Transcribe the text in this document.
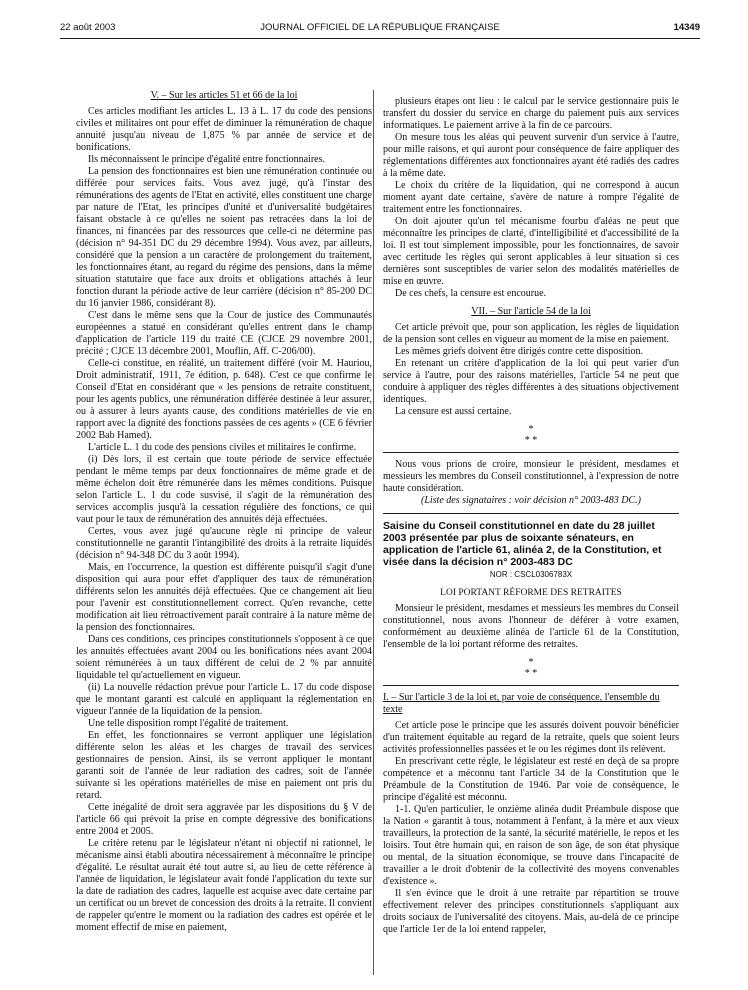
22 août 2003	JOURNAL OFFICIEL DE LA RÉPUBLIQUE FRANÇAISE	14349

V. – Sur les articles 51 et 66 de la loi

Ces articles modifiant les articles L. 13 à L. 17 du code des pensions civiles et militaires ont pour effet de diminuer la rémunération de chaque annuité jusqu'au niveau de 1,875 % par année de service et de bonifications.

Ils méconnaissent le principe d'égalité entre fonctionnaires.

La pension des fonctionnaires est bien une rémunération continuée ou différée pour services faits. Vous avez jugé, qu'à l'instar des rémunérations des agents de l'Etat en activité, elles constituent une charge par nature de l'Etat, les principes d'unité et d'universalité budgétaires faisant obstacle à ce qu'elles ne soient pas retracées dans la loi de finances, ni financées par des ressources que celle-ci ne détermine pas (décision n° 94-351 DC du 29 décembre 1994). Vous avez, par ailleurs, considéré que la pension a un caractère de prolongement du traitement, les fonctionnaires étant, au regard du régime des pensions, dans la même situation statutaire que face aux droits et obligations attachés à leur fonction durant la période active de leur carrière (décision n° 85-200 DC du 16 janvier 1986, considérant 8).

C'est dans le même sens que la Cour de justice des Communautés européennes a statué en considérant qu'elles entrent dans le champ d'application de l'article 119 du traité CE (CJCE 29 novembre 2001, précité ; CJCE 13 décembre 2001, Mouflin, Aff. C-206/00).

Celle-ci constitue, en réalité, un traitement différé (voir M. Hauriou, Droit administratif, 1911, 7e édition, p. 648). C'est ce que confirme le Conseil d'Etat en considérant que « les pensions de retraite constituent, pour les agents publics, une rémunération différée destinée à leur assurer, ou à assurer à leurs ayants cause, des conditions matérielles de vie en rapport avec la dignité des fonctions passées de ces agents » (CE 6 février 2002 Bab Hamed).

L'article L. 1 du code des pensions civiles et militaires le confirme.

(i) Dès lors, il est certain que toute période de service effectuée pendant le même temps par deux fonctionnaires de même grade et de même échelon doit être rémunérée dans les mêmes conditions. Puisque selon l'article L. 1 du code susvisé, il s'agit de la rémunération des services accomplis jusqu'à la cessation régulière des fonctions, ce qui vaut pour le taux de rémunération des annuités déjà effectuées.

Certes, vous avez jugé qu'aucune règle ni principe de valeur constitutionnelle ne garantit l'intangibilité des droits à la retraite liquidés (décision n° 94-348 DC du 3 août 1994).

Mais, en l'occurrence, la question est différente puisqu'il s'agit d'une disposition qui aura pour effet d'appliquer des taux de rémunération différents selon les annuités déjà effectuées. Que ce changement ait lieu pour l'avenir est constitutionnellement correct. Qu'en revanche, cette modification ait lieu rétroactivement paraît contraire à la nature même de la pension des fonctionnaires.

Dans ces conditions, ces principes constitutionnels s'opposent à ce que les annuités effectuées avant 2004 ou les bonifications nées avant 2004 soient rémunérées à un taux différent de celui de 2 % par annuité liquidable tel qu'actuellement en vigueur.

(ii) La nouvelle rédaction prévue pour l'article L. 17 du code dispose que le montant garanti est calculé en appliquant la réglementation en vigueur l'année de la liquidation de la pension.

Une telle disposition rompt l'égalité de traitement.

En effet, les fonctionnaires se verront appliquer une législation différente selon les aléas et les charges de travail des services gestionnaires de pension. Ainsi, ils se verront appliquer le montant garanti soit de l'année de leur radiation des cadres, soit de l'année suivante si les opérations matérielles de mise en paiement ont pris du retard.

Cette inégalité de droit sera aggravée par les dispositions du § V de l'article 66 qui prévoit la prise en compte dégressive des bonifications entre 2004 et 2005.

Le critère retenu par le législateur n'étant ni objectif ni rationnel, le mécanisme ainsi établi aboutira nécessairement à méconnaître le principe d'égalité. Le résultat aurait été tout autre si, au lieu de cette référence à l'année de liquidation, le législateur avait fondé l'application du texte sur la date de radiation des cadres, laquelle est acquise avec date certaine par un certificat ou un brevet de concession des droits à la retraite. Il convient de rappeler qu'entre le moment ou la radiation des cadres est opérée et le moment effectif de mise en paiement,

plusieurs étapes ont lieu : le calcul par le service gestionnaire puis le transfert du dossier du service en charge du paiement puis aux services informatiques. Le paiement arrive à la fin de ce parcours.

On mesure tous les aléas qui peuvent survenir d'un service à l'autre, pour mille raisons, et qui auront pour conséquence de faire appliquer des réglementations différentes aux fonctionnaires ayant été radiés des cadres à la même date.

Le choix du critère de la liquidation, qui ne correspond à aucun moment ayant date certaine, s'avère de nature à rompre l'égalité de traitement entre les fonctionnaires.

On doit ajouter qu'un tel mécanisme fourbu d'aléas ne peut que méconnaître les principes de clarté, d'intelligibilité et d'accessibilité de la loi. Il est tout simplement impossible, pour les fonctionnaires, de savoir avec certitude les règles qui seront applicables à leur situation si ces dernières sont susceptibles de varier selon des modalités matérielles de mise en œuvre.

De ces chefs, la censure est encourue.

VII. – Sur l'article 54 de la loi

Cet article prévoit que, pour son application, les règles de liquidation de la pension sont celles en vigueur au moment de la mise en paiement.

Les mêmes griefs doivent être dirigés contre cette disposition.

En retenant un critère d'application de la loi qui peut varier d'un service à l'autre, pour des raisons matérielles, l'article 54 ne peut que conduire à appliquer des règles différentes à des situations objectivement identiques.

La censure est aussi certaine.

*
* *

Nous vous prions de croire, monsieur le président, mesdames et messieurs les membres du Conseil constitutionnel, à l'expression de notre haute considération.

(Liste des signataires : voir décision n° 2003-483 DC.)

Saisine du Conseil constitutionnel en date du 28 juillet 2003 présentée par plus de soixante sénateurs, en application de l'article 61, alinéa 2, de la Constitution, et visée dans la décision n° 2003-483 DC

NOR : CSCL0306783X

LOI PORTANT RÉFORME DES RETRAITES

Monsieur le président, mesdames et messieurs les membres du Conseil constitutionnel, nous avons l'honneur de déférer à votre examen, conformément au deuxième alinéa de l'article 61 de la Constitution, l'ensemble de la loi portant réforme des retraites.

*
* *

I. – Sur l'article 3 de la loi et, par voie de conséquence, l'ensemble du texte

Cet article pose le principe que les assurés doivent pouvoir bénéficier d'un traitement équitable au regard de la retraite, quels que soient leurs activités professionnelles passées et le ou les régimes dont ils relèvent.

En prescrivant cette règle, le législateur est resté en deçà de sa propre compétence et a méconnu tant l'article 34 de la Constitution que le Préambule de la Constitution de 1946. Par voie de conséquence, le principe d'égalité est méconnu.

1-1. Qu'en particulier, le onzième alinéa dudit Préambule dispose que la Nation « garantit à tous, notamment à l'enfant, à la mère et aux vieux travailleurs, la protection de la santé, la sécurité matérielle, le repos et les loisirs. Tout être humain qui, en raison de son âge, de son état physique ou mental, de la situation économique, se trouve dans l'incapacité de travailler a le droit d'obtenir de la collectivité des moyens convenables d'existence ».

Il s'en évince que le droit à une retraite par répartition se trouve effectivement relever des principes constitutionnels s'appliquant aux droits sociaux de l'universalité des citoyens. Mais, au-delà de ce principe que l'article 1er de la loi entend rappeler,
